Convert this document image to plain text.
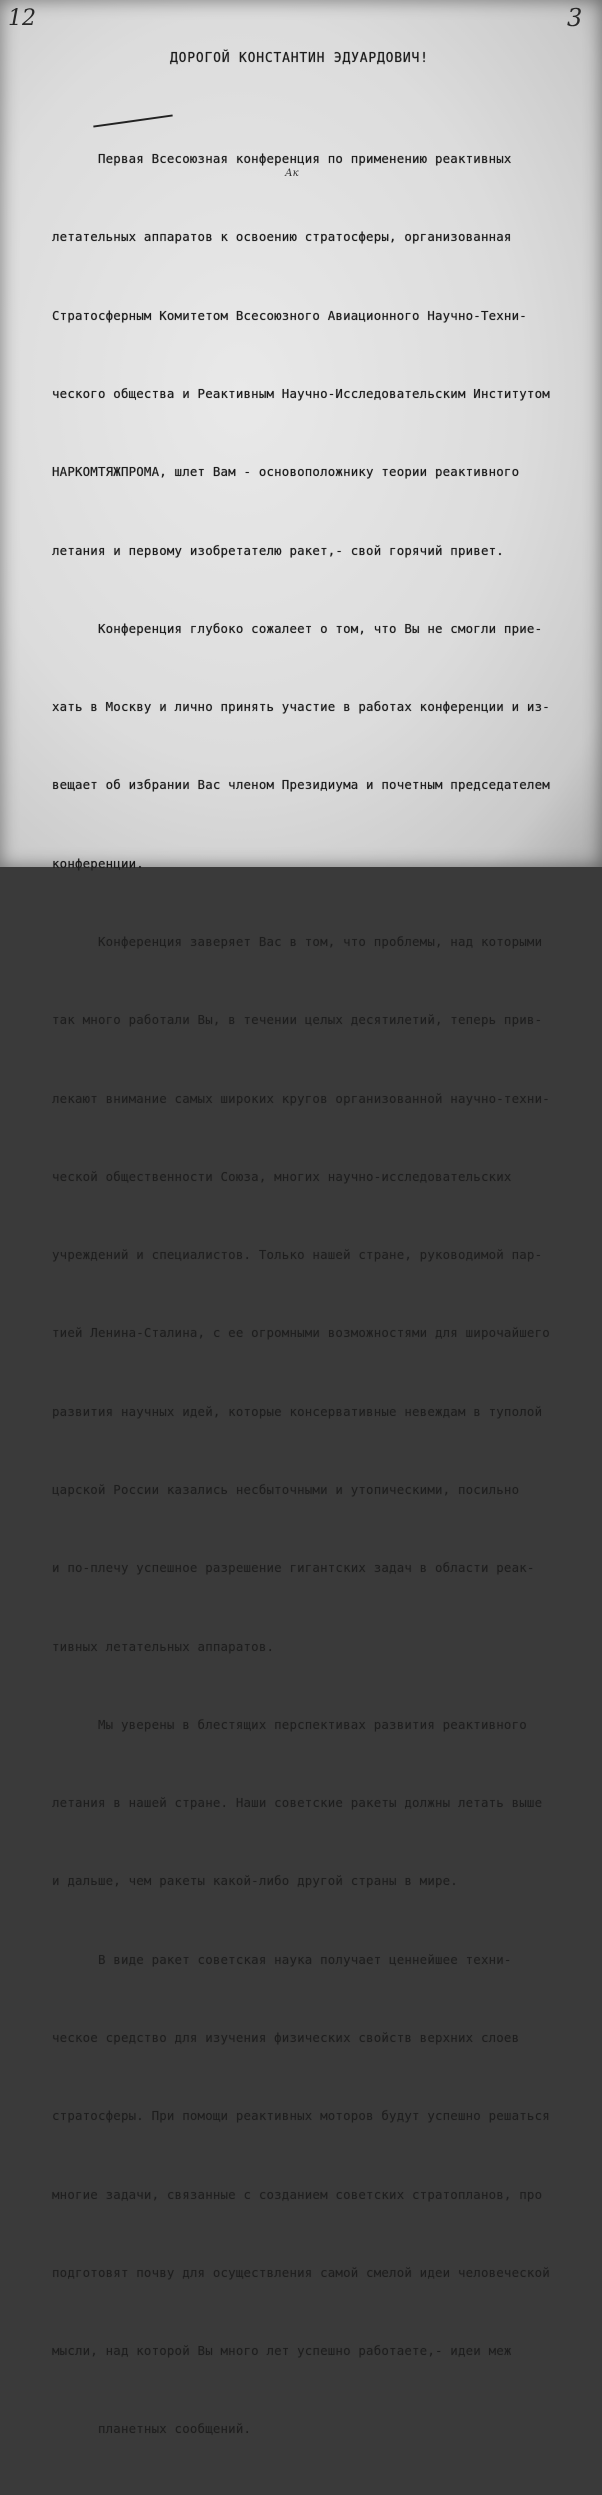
12	3
ДОРОГОЙ КОНСТАНТИН ЭДУАРДОВИЧ!
Ак

Первая Всесоюзная конференция по применению реактивных

летательных аппаратов к освоению стратосферы, организованная

Стратосферным Комитетом Всесоюзного Авиационного Научно-Техни-

ческого общества и Реактивным Научно-Исследовательским Институтом

НАРКОМТЯЖПРОМА, шлет Вам - основоположнику теории реактивного

летания и первому изобретателю ракет,- свой горячий привет.

Конференция глубоко сожалеет о том, что Вы не смогли прие-

хать в Москву и лично принять участие в работах конференции и из-

вещает об избрании Вас членом Президиума и почетным председателем

конференции.

Конференция заверяет Вас в том, что проблемы, над которыми

так много работали Вы, в течении целых десятилетий, теперь прив-

лекают внимание самых широких кругов организованной научно-техни-

ческой общественности Союза, многих научно-исследовательских

учреждений и специалистов. Только нашей стране, руководимой пар-

тией Ленина-Сталина, с ее огромными возможностями для широчайшего

развития научных идей, которые консервативные невеждам в туполой

царской России казались несбыточными и утопическими, посильно

и по-плечу успешное разрешение гигантских задач в области реак-

тивных летательных аппаратов.

Мы уверены в блестящих перспективах развития реактивного

летания в нашей стране. Наши советские ракеты должны летать выше

и дальше, чем ракеты какой-либо другой страны в мире.

В виде ракет советская наука получает ценнейшее техни-

ческое средство для изучения физических свойств верхних слоев

стратосферы. При помощи реактивных моторов будут успешно решаться

многие задачи, связанные с созданием советских стратопланов, про

подготовят почву для осуществления самой смелой идеи человеческой

мысли, над которой Вы много лет успешно работаете,- идеи меж

планетных сообщений.
